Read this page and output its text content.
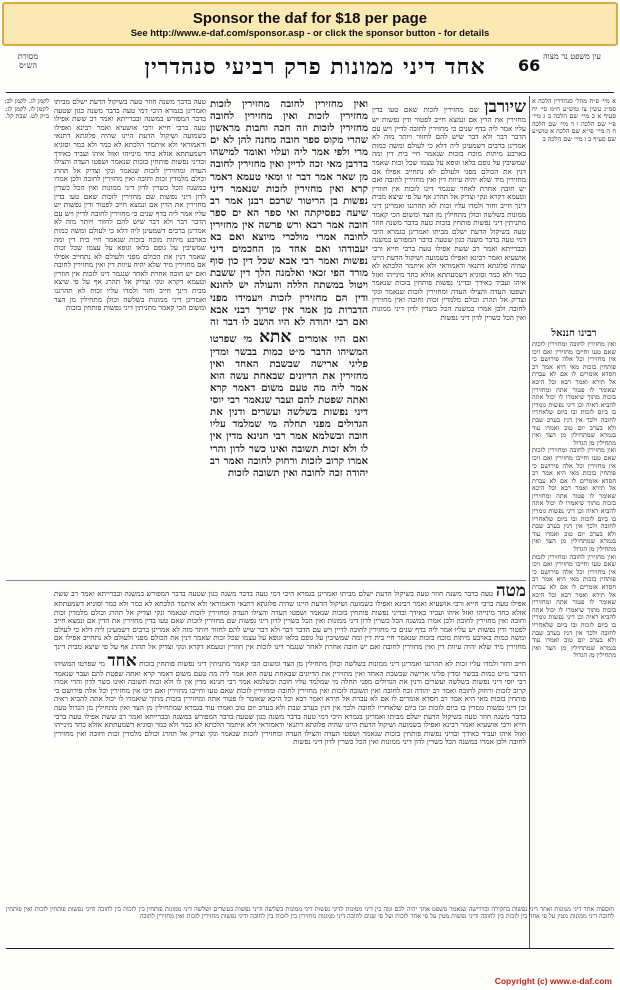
Sponsor the daf for $18 per page
See http://www.e-daf.com/sponsor.asp - or click the sponsor button - for details
עין משפט נר מצוה
66
אחד דיני ממונות פרק רביעי סנהדרין
מסורת הש״ס
א מיי׳ פ״ח מהל׳ סנהדרין הלכה א סמ״ג עשין צז טוש״ע ח״מ סי׳ יח סעיף א ב מיי׳ שם הלכה ב ג מיי׳ פ״י שם הלכה ו ד מיי׳ שם הלכה ח ה מיי׳ פי״א שם הלכה א טוש״ע שם סעיף ב ו מיי׳ שם הלכה ב
רבינו חננאל
ואין מחזירין לחובה ומחזירין לזכות שאם טעו וחייבו מחזירין ואם זיכו אין מחזירין וכל אלה פירושם כי פותחין בזכות מאי היא אמר רב חסדא אומרים לו אם לא עברת אל תירא ואמר רבא וכל היכא שאומר לו פטור אתה ומחזירין בזכות מתוך שיאמרו לו יכול אתה להביא ראיה וכן דיני נפשות גומרין בו ביום לזכות ובו ביום שלאחריו לחובה ולכך אין דנין בערב שבת ולא בערב יום טוב ואמרו עוד בגמרא שמתחילין מן הצד ואין מתחילין מן הגדול
ואין מחזירין לחובה ומחזירין לזכות שאם טעו וחייבו מחזירין ואם זיכו אין מחזירין וכל אלה פירושם כי פותחין בזכות מאי היא אמר רב חסדא אומרים לו אם לא עברת אל תירא ואמר רבא וכל היכא שאומר לו פטור אתה ומחזירין בזכות מתוך שיאמרו לו יכול אתה להביא ראיה וכן דיני נפשות גומרין בו ביום לזכות ובו ביום שלאחריו לחובה ולכך אין דנין בערב שבת ולא בערב יום טוב ואמרו עוד בגמרא שמתחילין מן הצד ואין מתחילין מן הגדול
ואין מחזירין לחובה ומחזירין לזכות שאם טעו וחייבו מחזירין ואם זיכו אין מחזירין וכל אלה פירושם כי פותחין בזכות מאי היא אמר רב חסדא אומרים לו אם לא עברת אל תירא ואמר רבא וכל היכא שאומר לו פטור אתה ומחזירין בזכות מתוך שיאמרו לו יכול אתה להביא ראיה וכן דיני נפשות גומרין בו ביום לזכות ובו ביום שלאחריו לחובה ולכך אין דנין בערב שבת ולא בערב יום טוב ואמרו עוד בגמרא שמתחילין מן הצד ואין מתחילין מן הגדול
שיורבן שם מחזירין לזכות שאם טעו בדין מחזירין את הדין אם ונמצא חייב לפטור ודין נפשות יש עליו אמר ליה בדף שנים כי מחזירין לחובה לדיין ויש עם הדבר דבר ולא דבר שיש להם לחזור ויותר מזה לא אמרינן ברבים דשמעינן ליה דלא כי לעולם ומשה כמות בארבע מיתות מוכח בזכות שנאמר חיי בית דין ומה שמשיבין על גופם בלאו וגופא על עצמו שכל זכות שאמר דנין את הכולם מפני ולעולם לא נתחייב אפילו אם מחזירין מיד שלא יהיה עיוות דין ואין מחזירין לחובה ואם יש חובה אחרת לאחר שנגמר דינו לזכות אין חוזרין וטעמא דקרא ונקי וצדיק אל תהרג אף על פי שיצא מבית דינך חייב וחזר ולמדו עליו זכות לא תהרגנו ואמרינן דיני ממונות בשלשה וכולן מתחילין מן הצד ומשום הכי קאמר מתניתין דיני נפשות פותחין בזכות טעה בדבר משנה חוזר טעה בשיקול הדעת ישלם מביתו ואמרינן בגמרא היכי דמי טעה בדבר משנה כגון שטעה בדבר המפורש במשנה ובברייתא ואמר רב ששת אפילו טעה ברבי חייא ורבי אושעיא ואמר רבינא ואפילו בשמועה ושיקול הדעת היינו שהיה פלוגתא דתנאי ודאמוראי ולא איתמר הלכתא לא כמר ולא כמר וסוגיא דשמעתתא אזלא כחד מינייהו ואזל איהו ועביד כאידך ובדיני נפשות פותחין בזכות שנאמר ושפטו העדה והצילו העדה ומחזירין לזכות שנאמר ונקי וצדיק אל תהרג וכולם מלמדין זכות וחובה ואין מחזירין לחובה ולכן אמרו במשנה הכל כשרין לדון דיני ממונות ואין הכל כשרין לדון דיני נפשות
ואין מחזירין לחובה מחזירין לזכות מחזירין לזכות ואין מחזירין לחובה מחזירין לזכות וזה חכה וחבות מראשון שהרי מקוס ספר חובה מחנה להן לא ים מרי ולפי אמר ליה ועלוי ואומד למישהו בדרבן מאי זכה לדיין ואין מחזירין לחובה מן שאר אמר דבר זו ומאי טעמא דאמר קרא ואין מחזירין לזכות שנאמר דיני נפשות בן הריטור שרכם רבנן אמר רב שיעה כפסיקתה ואי ספר הא ים ספר חובה אמר רבא ורש פרשה אין מחזירין לחובה אמרי מולכרי מיוצא ואם בא יעבודהו ואם אחד מן החכמים דיני נפשות ואמר רבי אבא שכל דין כון סוף מורד הפי זכאי ואלמנה הלך דין ששבת ויטול במשתה הללה והעולה יש לחונא ודין הם מחזירין לזכות ויעמידו מפני הדברות מן אמר אין שריך רבני אבא ואם רבי יהודה לא היו הושב לו דבר זה ואם היו אומרים אתא מי שפרטו המשיהו הדבר מ״ט כמות בבשר ומדין פליגי ארישה שבשבת האחד ואין מחזירין את הדיונים שבאחת עשה הוא אמר ליה מה טעם משום דאמר קרא ואתה שפטת להם ועבר שנאמר רבי יוסי דיני נפשות בשלשה ועשרים ודנין את הגדולים מפני תחלה מי שמלמד עליו חובה ובשלמא אמר רבי חנינא מדין אין לו ולא זכות תשובה ואינו כשר לדון והרי אמרו קרוב לזכות ורחוק לחובה ואמר רב יהודה זכה לחובה ואין תשובה לזכות
טעה בדבר משנה חוזר טעה בשיקול הדעת ישלם מביתו ואמרינן בגמרא היכי דמי טעה בדבר משנה כגון שטעה בדבר המפורש במשנה ובברייתא ואמר רב ששת אפילו טעה ברבי חייא ורבי אושעיא ואמר רבינא ואפילו בשמועה ושיקול הדעת היינו שהיה פלוגתא דתנאי ודאמוראי ולא איתמר הלכתא לא כמר ולא כמר וסוגיא דשמעתתא אזלא כחד מינייהו ואזל איהו ועביד כאידך ובדיני נפשות פותחין בזכות שנאמר ושפטו העדה והצילו העדה ומחזירין לזכות שנאמר ונקי וצדיק אל תהרג וכולם מלמדין זכות וחובה ואין מחזירין לחובה ולכן אמרו במשנה הכל כשרין לדון דיני ממונות ואין הכל כשרין לדון דיני נפשות שם מחזירין לזכות שאם טעו בדין מחזירין את הדין אם ונמצא חייב לפטור ודין נפשות יש עליו אמר ליה בדף שנים כי מחזירין לחובה לדיין ויש עם הדבר דבר ולא דבר שיש להם לחזור ויותר מזה לא אמרינן ברבים דשמעינן ליה דלא כי לעולם ומשה כמות בארבע מיתות מוכח בזכות שנאמר חיי בית דין ומה שמשיבין על גופם בלאו וגופא על עצמו שכל זכות שאמר דנין את הכולם מפני ולעולם לא נתחייב אפילו אם מחזירין מיד שלא יהיה עיוות דין ואין מחזירין לחובה ואם יש חובה אחרת לאחר שנגמר דינו לזכות אין חוזרין וטעמא דקרא ונקי וצדיק אל תהרג אף על פי שיצא מבית דינך חייב וחזר ולמדו עליו זכות לא תהרגנו ואמרינן דיני ממונות בשלשה וכולן מתחילין מן הצד ומשום הכי קאמר מתניתין דיני נפשות פותחין בזכות
לקמן לג. לקמן לב: לקמן לו. לקמן לג: ב״ק לט. שבת קל.
מטה טעה בדבר משנה חוזר טעה בשיקול הדעת ישלם מביתו ואמרינן בגמרא היכי דמי טעה בדבר משנה כגון שטעה בדבר המפורש במשנה ובברייתא ואמר רב ששת אפילו טעה ברבי חייא ורבי אושעיא ואמר רבינא ואפילו בשמועה ושיקול הדעת היינו שהיה פלוגתא דתנאי ודאמוראי ולא איתמר הלכתא לא כמר ולא כמר וסוגיא דשמעתתא אזלא כחד מינייהו ואזל איהו ועביד כאידך ובדיני נפשות פותחין בזכות שנאמר ושפטו העדה והצילו העדה ומחזירין לזכות שנאמר ונקי וצדיק אל תהרג וכולם מלמדין זכות וחובה ואין מחזירין לחובה ולכן אמרו במשנה הכל כשרין לדון דיני ממונות ואין הכל כשרין לדון דיני נפשות שם מחזירין לזכות שאם טעו בדין מחזירין את הדין אם ונמצא חייב לפטור ודין נפשות יש עליו אמר ליה בדף שנים כי מחזירין לחובה לדיין ויש עם הדבר דבר ולא דבר שיש להם לחזור ויותר מזה לא אמרינן ברבים דשמעינן ליה דלא כי לעולם ומשה כמות בארבע מיתות מוכח בזכות שנאמר חיי בית דין ומה שמשיבין על גופם בלאו וגופא על עצמו שכל זכות שאמר דנין את הכולם מפני ולעולם לא נתחייב אפילו אם מחזירין מיד שלא יהיה עיוות דין ואין מחזירין לחובה ואם יש חובה אחרת לאחר שנגמר דינו לזכות אין חוזרין וטעמא דקרא ונקי וצדיק אל תהרג אף על פי שיצא מבית דינך חייב וחזר ולמדו עליו זכות לא תהרגנו ואמרינן דיני ממונות בשלשה וכולן מתחילין מן הצד ומשום הכי קאמר מתניתין דיני נפשות פותחין בזכות אחד מי שפרטו המשיהו הדבר מ״ט כמות בבשר ומדין פליגי ארישה שבשבת האחד ואין מחזירין את הדיונים שבאחת עשה הוא אמר ליה מה טעם משום דאמר קרא ואתה שפטת להם ועבר שנאמר רבי יוסי דיני נפשות בשלשה ועשרים ודנין את הגדולים מפני תחלה מי שמלמד עליו חובה ובשלמא אמר רבי חנינא מדין אין לו ולא זכות תשובה ואינו כשר לדון והרי אמרו קרוב לזכות ורחוק לחובה ואמר רב יהודה זכה לחובה ואין תשובה לזכות ואין מחזירין לחובה ומחזירין לזכות שאם טעו וחייבו מחזירין ואם זיכו אין מחזירין וכל אלה פירושם כי פותחין בזכות מאי היא אמר רב חסדא אומרים לו אם לא עברת אל תירא ואמר רבא וכל היכא שאומר לו פטור אתה ומחזירין בזכות מתוך שיאמרו לו יכול אתה להביא ראיה וכן דיני נפשות גומרין בו ביום לזכות ובו ביום שלאחריו לחובה ולכך אין דנין בערב שבת ולא בערב יום טוב ואמרו עוד בגמרא שמתחילין מן הצד ואין מתחילין מן הגדול טעה בדבר משנה חוזר טעה בשיקול הדעת ישלם מביתו ואמרינן בגמרא היכי דמי טעה בדבר משנה כגון שטעה בדבר המפורש במשנה ובברייתא ואמר רב ששת אפילו טעה ברבי חייא ורבי אושעיא ואמר רבינא ואפילו בשמועה ושיקול הדעת היינו שהיה פלוגתא דתנאי ודאמוראי ולא איתמר הלכתא לא כמר ולא כמר וסוגיא דשמעתתא אזלא כחד מינייהו ואזל איהו ועביד כאידך ובדיני נפשות פותחין בזכות שנאמר ושפטו העדה והצילו העדה ומחזירין לזכות שנאמר ונקי וצדיק אל תהרג וכולם מלמדין זכות וחובה ואין מחזירין לחובה ולכן אמרו במשנה הכל כשרין לדון דיני ממונות ואין הכל כשרין לדון דיני נפשות
חוספות אחד דיני ממונות ואחד דיני נפשות בחקירה ובדרישה שנאמר משפט אחד יהיה לכם ומה בין דיני ממונות לדיני נפשות דיני ממונות בשלשה ודיני נפשות בעשרים ושלשה דיני ממונות פותחין בין לזכות בין לחובה ודיני נפשות פותחין לזכות ואין פותחין לחובה דיני ממונות מטין על פי אחד בין לזכות בין לחובה ודיני נפשות מטין על פי אחד לזכות ועל פי שנים לחובה דיני ממונות מחזירין בין לזכות בין לחובה ודיני נפשות מחזירין לזכות ואין מחזירין לחובה
Copyright (c) www.e-daf.com
